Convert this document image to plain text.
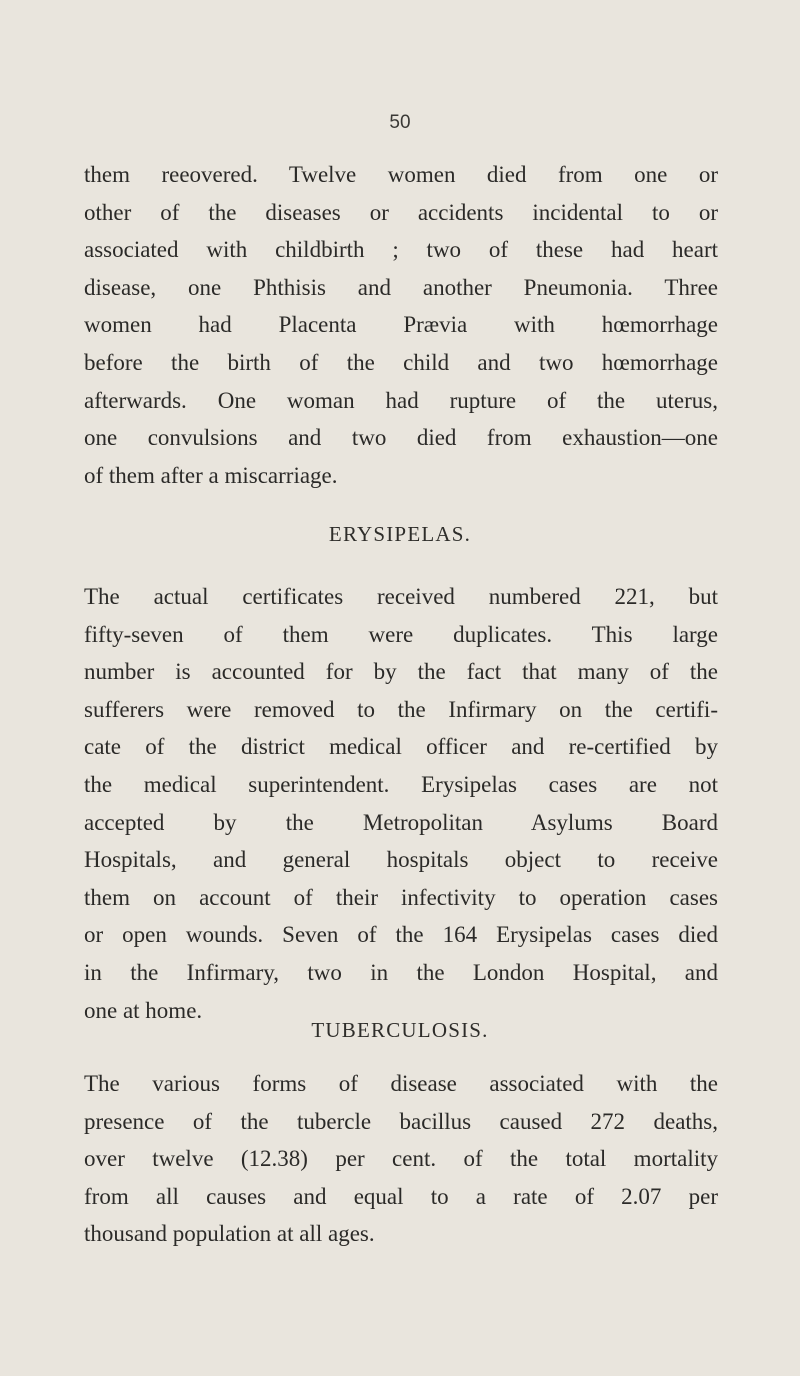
50
them reeovered. Twelve women died from one or
other of the diseases or accidents incidental to or
associated with childbirth ; two of these had heart
disease, one Phthisis and another Pneumonia. Three
women had Placenta Prævia with hœmorrhage
before the birth of the child and two hœmorrhage
afterwards. One woman had rupture of the uterus,
one convulsions and two died from exhaustion—one
of them after a miscarriage.
ERYSIPELAS.
The actual certificates received numbered 221, but
fifty-seven of them were duplicates. This large
number is accounted for by the fact that many of the
sufferers were removed to the Infirmary on the certifi-
cate of the district medical officer and re-certified by
the medical superintendent. Erysipelas cases are not
accepted by the Metropolitan Asylums Board
Hospitals, and general hospitals object to receive
them on account of their infectivity to operation cases
or open wounds. Seven of the 164 Erysipelas cases died
in the Infirmary, two in the London Hospital, and
one at home.
TUBERCULOSIS.
The various forms of disease associated with the
presence of the tubercle bacillus caused 272 deaths,
over twelve (12.38) per cent. of the total mortality
from all causes and equal to a rate of 2.07 per
thousand population at all ages.
